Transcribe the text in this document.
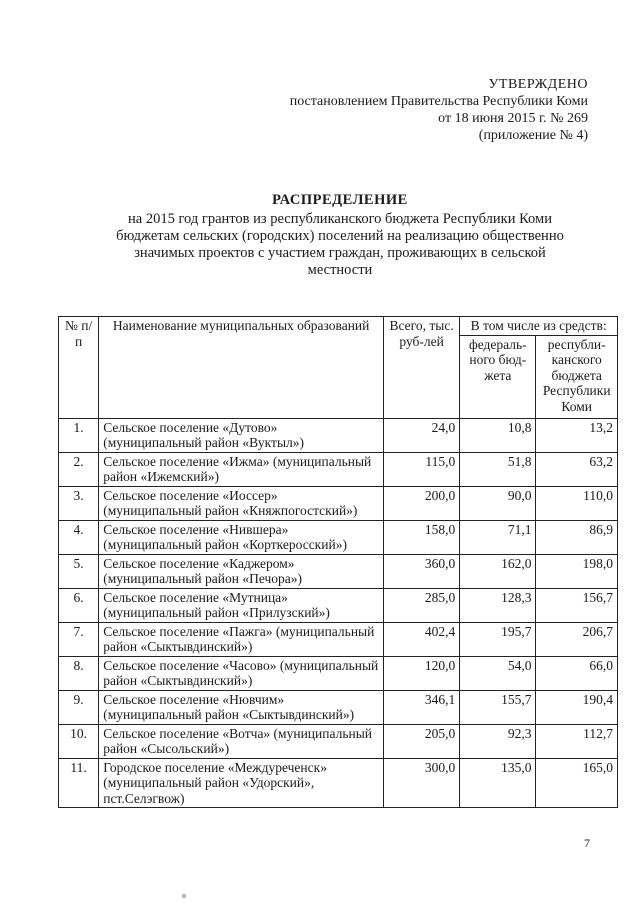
УТВЕРЖДЕНО
постановлением Правительства Республики Коми
от 18 июня 2015 г. № 269
(приложение № 4)
РАСПРЕДЕЛЕНИЕ
на 2015 год грантов из республиканского бюджета Республики Коми
бюджетам сельских (городских) поселений на реализацию общественно
значимых проектов с участием граждан, проживающих в сельской
местности
№ п/п	Наименование муниципальных образований	Всего, тыс. руб-лей	В том числе из средств:	
			федераль-ного бюд-жета	республи-канского бюджета Республики Коми
1.	Сельское поселение «Дутово» (муниципальный район «Вуктыл»)	24,0	10,8	13,2
2.	Сельское поселение «Ижма» (муниципальный район «Ижемский»)	115,0	51,8	63,2
3.	Сельское поселение «Иоссер» (муниципальный район «Княжпогостский»)	200,0	90,0	110,0
4.	Сельское поселение «Нившера» (муниципальный район «Корткеросский»)	158,0	71,1	86,9
5.	Сельское поселение «Каджером» (муниципальный район «Печора»)	360,0	162,0	198,0
6.	Сельское поселение «Мутница» (муниципальный район «Прилузский»)	285,0	128,3	156,7
7.	Сельское поселение «Пажга» (муниципальный район «Сыктывдинский»)	402,4	195,7	206,7
8.	Сельское поселение «Часово» (муниципальный район «Сыктывдинский»)	120,0	54,0	66,0
9.	Сельское поселение «Нювчим» (муниципальный район «Сыктывдинский»)	346,1	155,7	190,4
10.	Сельское поселение «Вотча» (муниципальный район «Сысольский»)	205,0	92,3	112,7
11.	Городское поселение «Междуреченск» (муниципальный район «Удорский», пст.Селэгвож)	300,0	135,0	165,0
7
